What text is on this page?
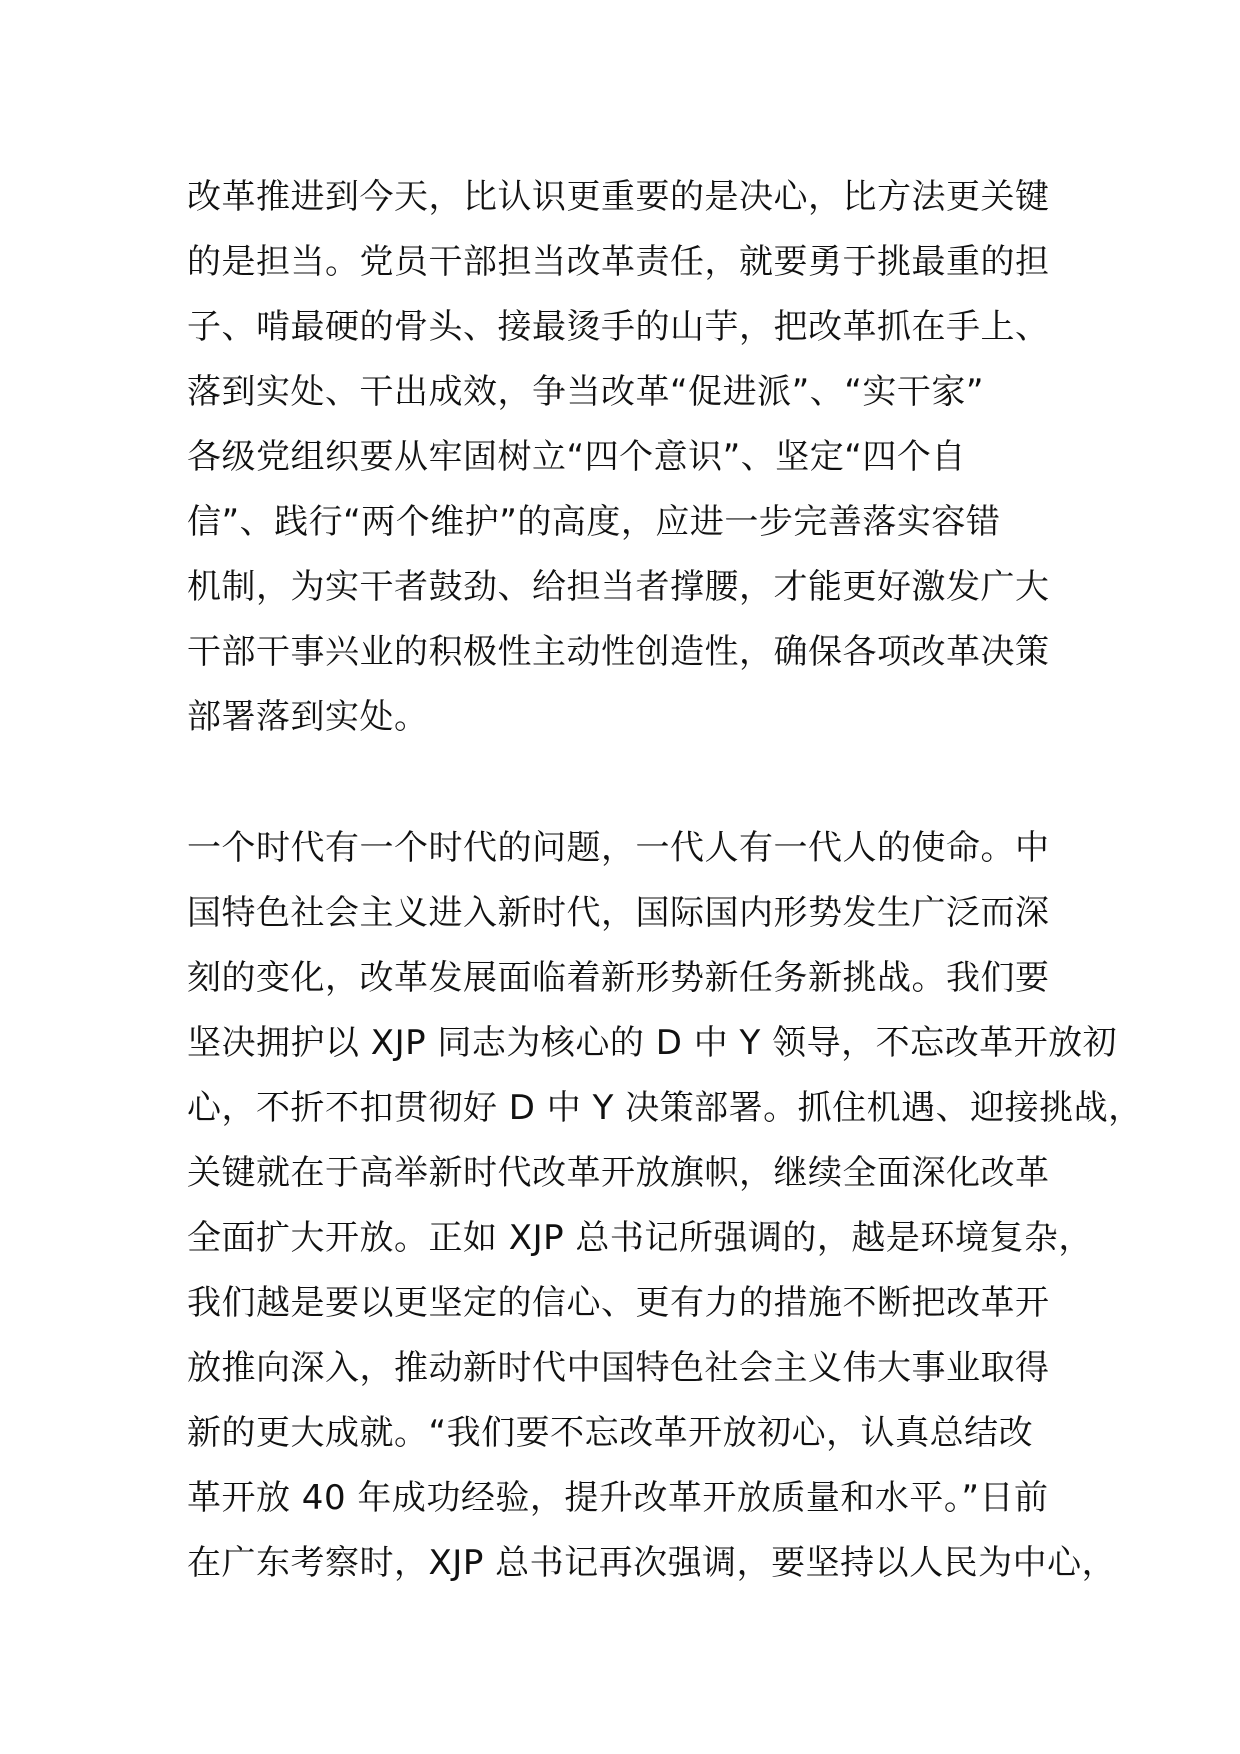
改革推进到今天，比认识更重要的是决心，比方法更关键
的是担当。党员干部担当改革责任，就要勇于挑最重的担
子、啃最硬的骨头、接最烫手的山芋，把改革抓在手上、
落到实处、干出成效，争当改革“促进派”、“实干家”
各级党组织要从牢固树立“四个意识”、坚定“四个自
信”、践行“两个维护”的高度，应进一步完善落实容错
机制，为实干者鼓劲、给担当者撑腰，才能更好激发广大
干部干事兴业的积极性主动性创造性，确保各项改革决策
部署落到实处。
一个时代有一个时代的问题，一代人有一代人的使命。中
国特色社会主义进入新时代，国际国内形势发生广泛而深
刻的变化，改革发展面临着新形势新任务新挑战。我们要
坚决拥护以 XJP 同志为核心的 D 中 Y 领导，不忘改革开放初
心，不折不扣贯彻好 D 中 Y 决策部署。抓住机遇、迎接挑战，
关键就在于高举新时代改革开放旗帜，继续全面深化改革
全面扩大开放。正如 XJP 总书记所强调的，越是环境复杂，
我们越是要以更坚定的信心、更有力的措施不断把改革开
放推向深入，推动新时代中国特色社会主义伟大事业取得
新的更大成就。“我们要不忘改革开放初心，认真总结改
革开放 40 年成功经验，提升改革开放质量和水平。”日前
在广东考察时，XJP 总书记再次强调，要坚持以人民为中心，
